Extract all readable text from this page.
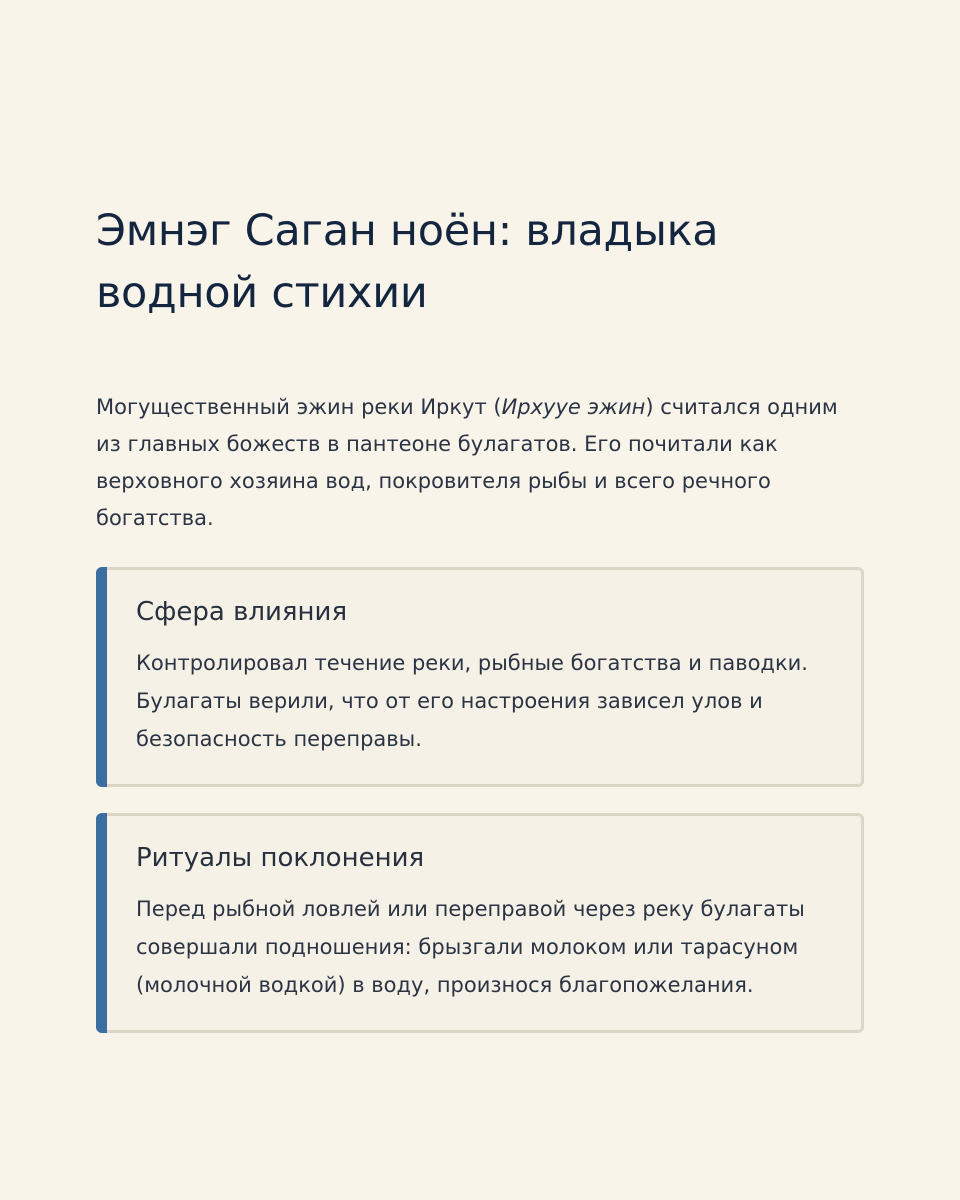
Эмнэг Саган ноён: владыка водной стихии

Могущественный эжин реки Иркут (Ирхууе эжин) считался одним из главных божеств в пантеоне булагатов. Его почитали как верховного хозяина вод, покровителя рыбы и всего речного богатства.

Сфера влияния

Контролировал течение реки, рыбные богатства и паводки. Булагаты верили, что от его настроения зависел улов и безопасность переправы.

Ритуалы поклонения

Перед рыбной ловлей или переправой через реку булагаты совершали подношения: брызгали молоком или тарасуном (молочной водкой) в воду, произнося благопожелания.
